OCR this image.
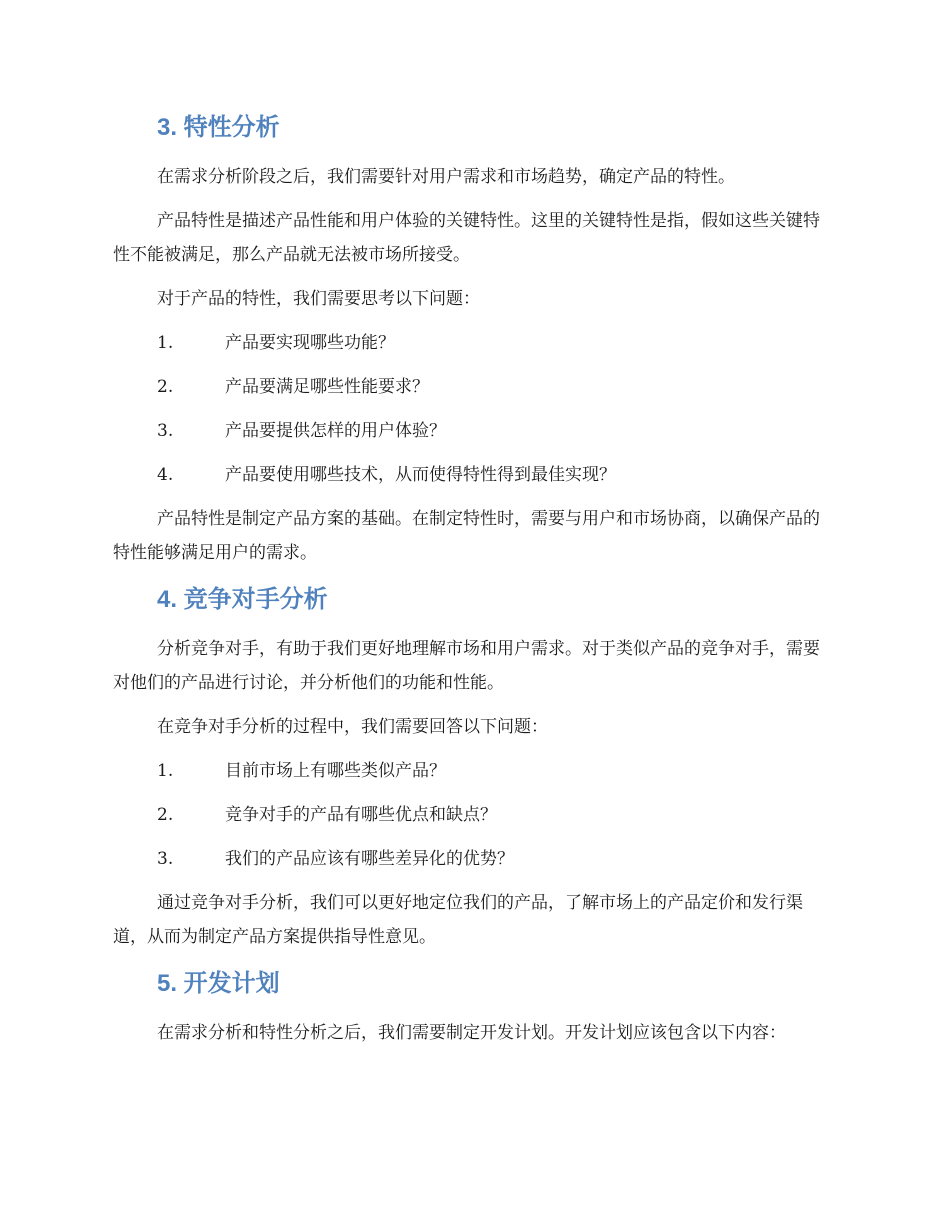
3. 特性分析

在需求分析阶段之后，我们需要针对用户需求和市场趋势，确定产品的特性。

产品特性是描述产品性能和用户体验的关键特性。这里的关键特性是指，假如这些关键特性不能被满足，那么产品就无法被市场所接受。

对于产品的特性，我们需要思考以下问题：

1.	产品要实现哪些功能？
2.	产品要满足哪些性能要求？
3.	产品要提供怎样的用户体验？
4.	产品要使用哪些技术，从而使得特性得到最佳实现？

产品特性是制定产品方案的基础。在制定特性时，需要与用户和市场协商，以确保产品的特性能够满足用户的需求。

4. 竞争对手分析

分析竞争对手，有助于我们更好地理解市场和用户需求。对于类似产品的竞争对手，需要对他们的产品进行讨论，并分析他们的功能和性能。

在竞争对手分析的过程中，我们需要回答以下问题：

1.	目前市场上有哪些类似产品？
2.	竞争对手的产品有哪些优点和缺点？
3.	我们的产品应该有哪些差异化的优势？

通过竞争对手分析，我们可以更好地定位我们的产品，了解市场上的产品定价和发行渠道，从而为制定产品方案提供指导性意见。

5. 开发计划

在需求分析和特性分析之后，我们需要制定开发计划。开发计划应该包含以下内容：
